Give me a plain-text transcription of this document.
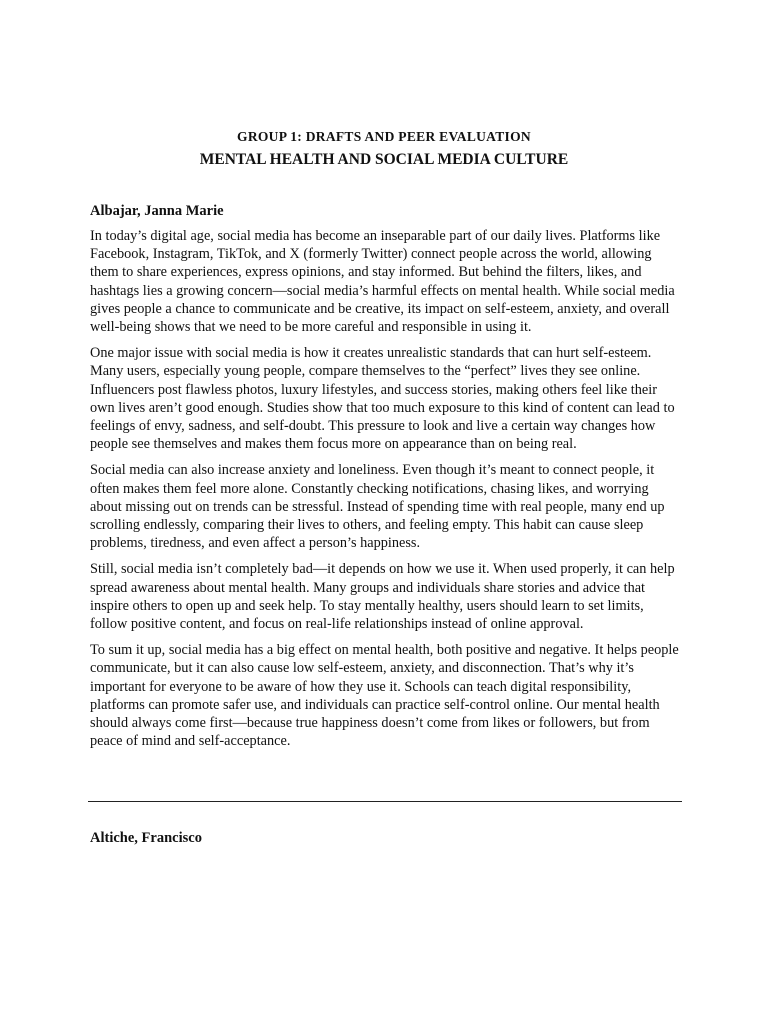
GROUP 1: DRAFTS AND PEER EVALUATION
MENTAL HEALTH AND SOCIAL MEDIA CULTURE

Albajar, Janna Marie

In today’s digital age, social media has become an inseparable part of our daily lives. Platforms like Facebook, Instagram, TikTok, and X (formerly Twitter) connect people across the world, allowing them to share experiences, express opinions, and stay informed. But behind the filters, likes, and hashtags lies a growing concern—social media’s harmful effects on mental health. While social media gives people a chance to communicate and be creative, its impact on self-esteem, anxiety, and overall well-being shows that we need to be more careful and responsible in using it.

One major issue with social media is how it creates unrealistic standards that can hurt self-esteem. Many users, especially young people, compare themselves to the “perfect” lives they see online. Influencers post flawless photos, luxury lifestyles, and success stories, making others feel like their own lives aren’t good enough. Studies show that too much exposure to this kind of content can lead to feelings of envy, sadness, and self-doubt. This pressure to look and live a certain way changes how people see themselves and makes them focus more on appearance than on being real.

Social media can also increase anxiety and loneliness. Even though it’s meant to connect people, it often makes them feel more alone. Constantly checking notifications, chasing likes, and worrying about missing out on trends can be stressful. Instead of spending time with real people, many end up scrolling endlessly, comparing their lives to others, and feeling empty. This habit can cause sleep problems, tiredness, and even affect a person’s happiness.

Still, social media isn’t completely bad—it depends on how we use it. When used properly, it can help spread awareness about mental health. Many groups and individuals share stories and advice that inspire others to open up and seek help. To stay mentally healthy, users should learn to set limits, follow positive content, and focus on real-life relationships instead of online approval.

To sum it up, social media has a big effect on mental health, both positive and negative. It helps people communicate, but it can also cause low self-esteem, anxiety, and disconnection. That’s why it’s important for everyone to be aware of how they use it. Schools can teach digital responsibility, platforms can promote safer use, and individuals can practice self-control online. Our mental health should always come first—because true happiness doesn’t come from likes or followers, but from peace of mind and self-acceptance.

Altiche, Francisco
